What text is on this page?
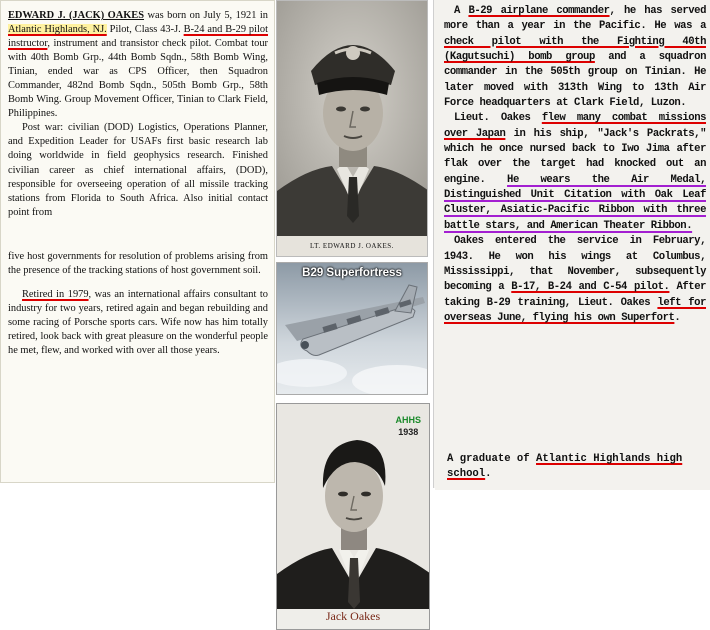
EDWARD J. (JACK) OAKES was born on July 5, 1921 in Atlantic Highlands, NJ. Pilot, Class 43-J. B-24 and B-29 pilot instructor, instrument and transistor check pilot. Combat tour with 40th Bomb Grp., 44th Bomb Sqdn., 58th Bomb Wing, Tinian, ended war as CPS Officer, then Squadron Commander, 482nd Bomb Sqdn., 505th Bomb Grp., 58th Bomb Wing. Group Movement Officer, Tinian to Clark Field, Philippines.

Post war: civilian (DOD) Logistics, Operations Planner, and Expedition Leader for USAFs first basic research lab doing worldwide in field geophysics research. Finished civilian career as chief international affairs, (DOD), responsible for overseeing operation of all missile tracking stations from Florida to South Africa. Also initial contact point from

five host governments for resolution of problems arising from the presence of the tracking stations of host government soil.

Retired in 1979, was an international affairs consultant to industry for two years, retired again and began rebuilding and some racing of Porsche sports cars. Wife now has him totally retired, look back with great pleasure on the wonderful people he met, flew, and worked with over all those years.

LT. EDWARD J. OAKES.
B29 Superfortress
AHHS
1938
Jack Oakes

A B-29 airplane commander, he has served more than a year in the Pacific. He was a check pilot with the Fighting 40th (Kagutsuchi) bomb group and a squadron commander in the 505th group on Tinian. He later moved with 313th Wing to 13th Air Force headquarters at Clark Field, Luzon.

Lieut. Oakes flew many combat missions over Japan in his ship, "Jack's Packrats," which he once nursed back to Iwo Jima after flak over the target had knocked out an engine. He wears the Air Medal, Distinguished Unit Citation with Oak Leaf Cluster, Asiatic-Pacific Ribbon with three battle stars, and American Theater Ribbon.

Oakes entered the service in February, 1943. He won his wings at Columbus, Mississippi, that November, subsequently becoming a B-17, B-24 and C-54 pilot. After taking B-29 training, Lieut. Oakes left for overseas June, flying his own Superfort.

A graduate of Atlantic Highlands high school.
